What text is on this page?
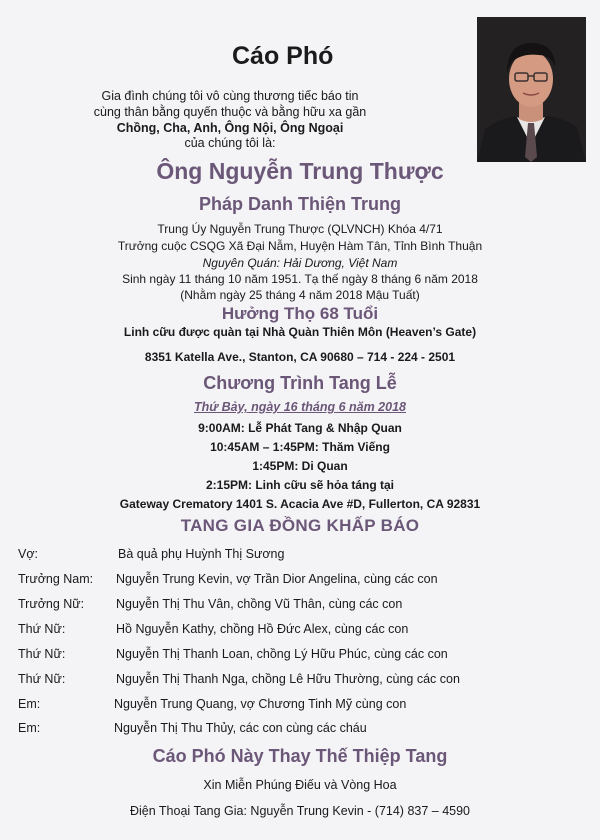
Cáo Phó
Gia đình chúng tôi vô cùng thương tiếc báo tin
cùng thân bằng quyến thuộc và bằng hữu xa gần
Chồng, Cha, Anh, Ông Nội, Ông Ngoại
của chúng tôi là:
Ông Nguyễn Trung Thược
Pháp Danh Thiện Trung
Trung Úy Nguyễn Trung Thược (QLVNCH) Khóa 4/71
Trưởng cuộc CSQG Xã Đại Nẫm, Huyện Hàm Tân, Tỉnh Bình Thuận
Nguyên Quán: Hải Dương, Việt Nam
Sinh ngày 11 tháng 10 năm 1951. Tạ thế ngày 8 tháng 6 năm 2018
(Nhằm ngày 25 tháng 4 năm 2018 Mậu Tuất)
Hưởng Thọ 68 Tuổi
Linh cữu được quàn tại Nhà Quàn Thiên Môn (Heaven’s Gate)
8351 Katella Ave., Stanton, CA 90680 – 714 - 224 - 2501
Chương Trình Tang Lễ
Thứ Bảy, ngày 16 tháng 6 năm 2018
9:00AM: Lễ Phát Tang & Nhập Quan
10:45AM – 1:45PM: Thăm Viếng
1:45PM: Di Quan
2:15PM: Linh cữu sẽ hỏa táng tại
Gateway Crematory 1401 S. Acacia Ave #D, Fullerton, CA 92831
TANG GIA ĐỒNG KHẤP BÁO
Vợ:	Bà quả phụ Huỳnh Thị Sương
Trưởng Nam: Nguyễn Trung Kevin, vợ Trần Dior Angelina, cùng các con
Trưởng Nữ:	Nguyễn Thị Thu Vân, chồng Vũ Thân, cùng các con
Thứ Nữ:	Hồ Nguyễn Kathy, chồng Hồ Đức Alex, cùng các con
Thứ Nữ:	Nguyễn Thị Thanh Loan, chồng Lý Hữu Phúc, cùng các con
Thứ Nữ:	Nguyễn Thị Thanh Nga, chồng Lê Hữu Thường, cùng các con
Em:	Nguyễn Trung Quang, vợ Chương Tinh Mỹ cùng con
Em:	Nguyễn Thị Thu Thủy, các con cùng các cháu
Cáo Phó Này Thay Thế Thiệp Tang
Xin Miễn Phúng Điếu và Vòng Hoa
Điện Thoại Tang Gia: Nguyễn Trung Kevin - (714) 837 – 4590
